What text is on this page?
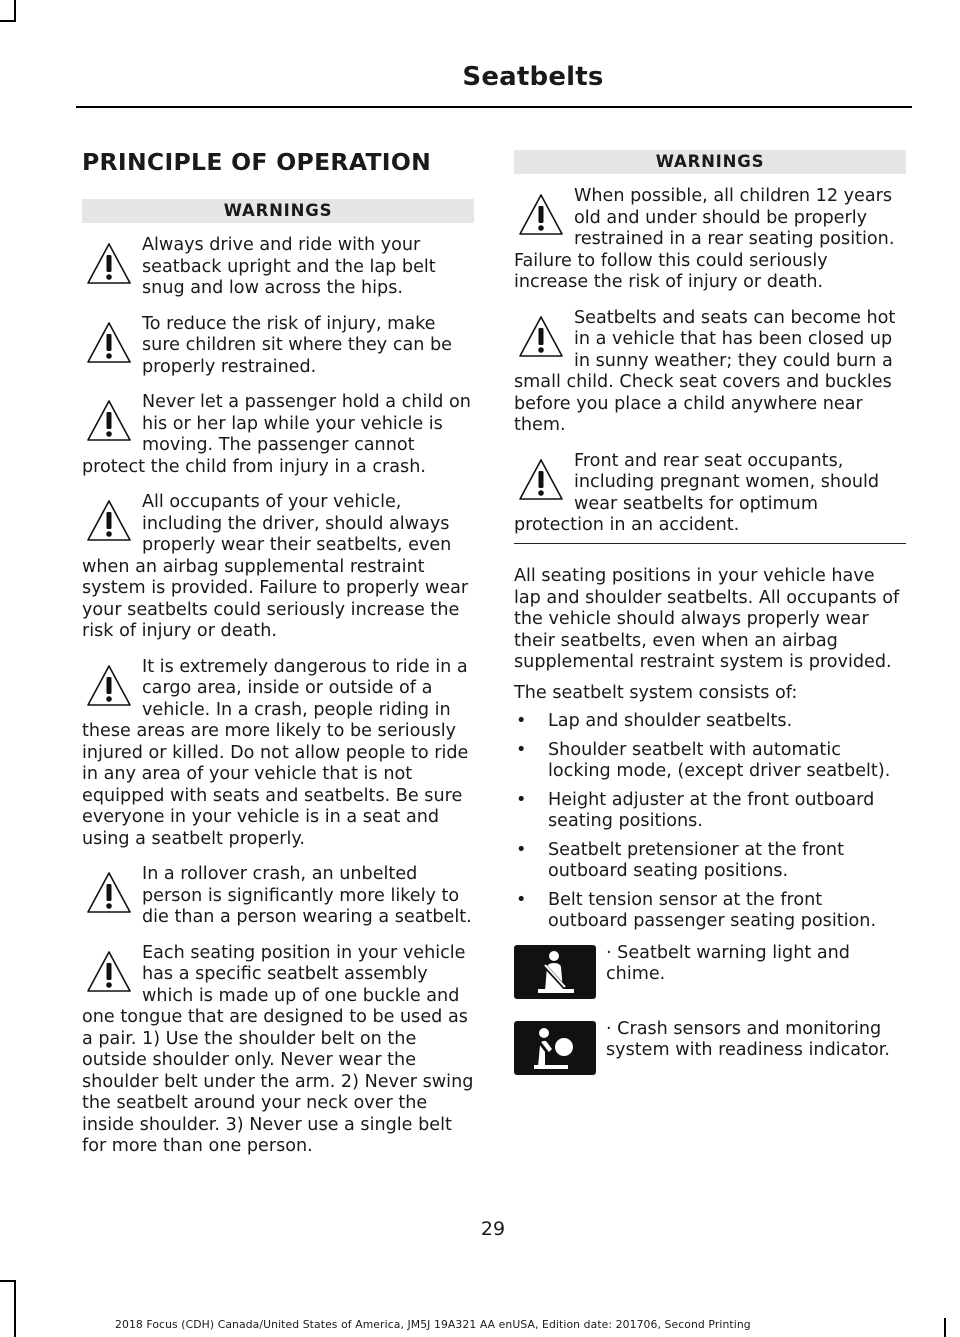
Seatbelts
PRINCIPLE OF OPERATION
WARNINGS

Always drive and ride with your seatback upright and the lap belt snug and low across the hips.

To reduce the risk of injury, make sure children sit where they can be properly restrained.

Never let a passenger hold a child on his or her lap while your vehicle is moving. The passenger cannot protect the child from injury in a crash.

All occupants of your vehicle, including the driver, should always properly wear their seatbelts, even when an airbag supplemental restraint system is provided. Failure to properly wear your seatbelts could seriously increase the risk of injury or death.

It is extremely dangerous to ride in a cargo area, inside or outside of a vehicle. In a crash, people riding in these areas are more likely to be seriously injured or killed. Do not allow people to ride in any area of your vehicle that is not equipped with seats and seatbelts. Be sure everyone in your vehicle is in a seat and using a seatbelt properly.

In a rollover crash, an unbelted person is significantly more likely to die than a person wearing a seatbelt.

Each seating position in your vehicle has a specific seatbelt assembly which is made up of one buckle and one tongue that are designed to be used as a pair. 1) Use the shoulder belt on the outside shoulder only. Never wear the shoulder belt under the arm. 2) Never swing the seatbelt around your neck over the inside shoulder. 3) Never use a single belt for more than one person.

WARNINGS

When possible, all children 12 years old and under should be properly restrained in a rear seating position. Failure to follow this could seriously increase the risk of injury or death.

Seatbelts and seats can become hot in a vehicle that has been closed up in sunny weather; they could burn a small child. Check seat covers and buckles before you place a child anywhere near them.

Front and rear seat occupants, including pregnant women, should wear seatbelts for optimum protection in an accident.

All seating positions in your vehicle have lap and shoulder seatbelts. All occupants of the vehicle should always properly wear their seatbelts, even when an airbag supplemental restraint system is provided.

The seatbelt system consists of:

• Lap and shoulder seatbelts.
• Shoulder seatbelt with automatic locking mode, (except driver seatbelt).
• Height adjuster at the front outboard seating positions.
• Seatbelt pretensioner at the front outboard seating positions.
• Belt tension sensor at the front outboard passenger seating position.
· Seatbelt warning light and chime.
· Crash sensors and monitoring system with readiness indicator.
29
2018 Focus (CDH) Canada/United States of America, JM5J 19A321 AA enUSA, Edition date: 201706, Second Printing
